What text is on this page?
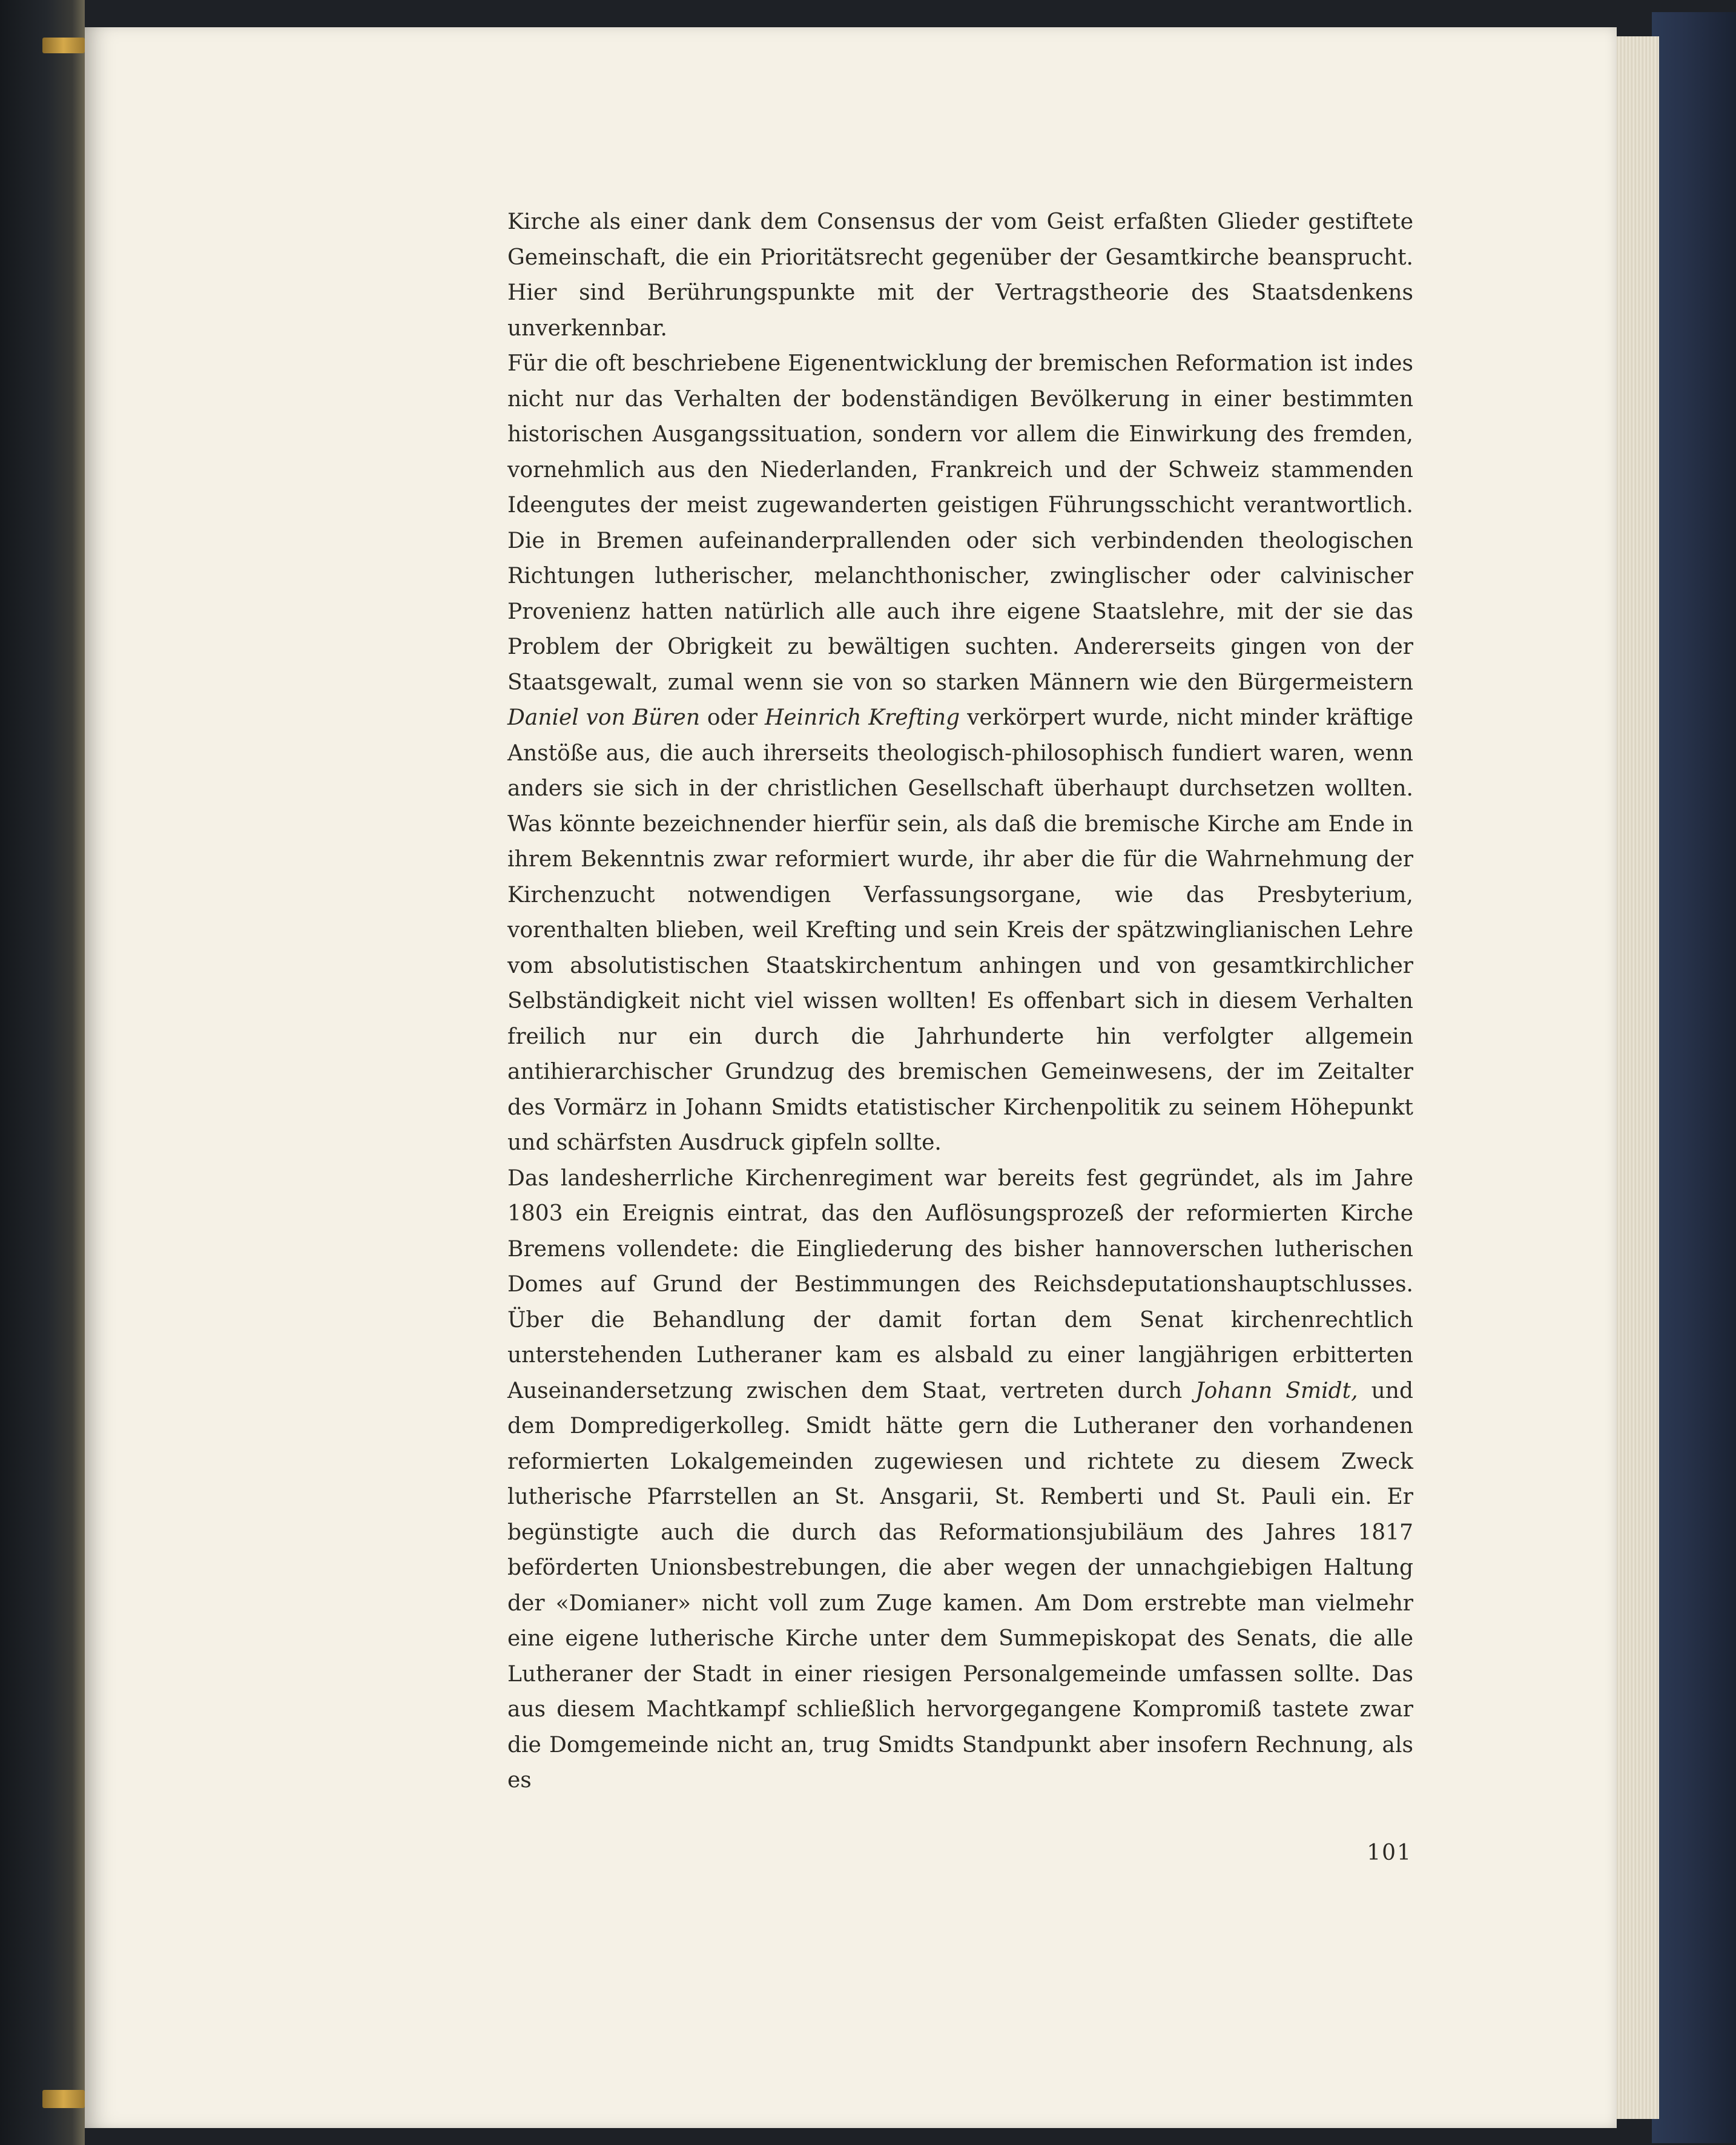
Kirche als einer dank dem Consensus der vom Geist erfaßten Glieder gestiftete Gemeinschaft, die ein Prioritätsrecht gegenüber der Gesamtkirche beansprucht. Hier sind Berührungspunkte mit der Vertragstheorie des Staatsdenkens unverkennbar.

Für die oft beschriebene Eigenentwicklung der bremischen Reformation ist indes nicht nur das Verhalten der bodenständigen Bevölkerung in einer bestimmten historischen Ausgangssituation, sondern vor allem die Einwirkung des fremden, vornehmlich aus den Niederlanden, Frankreich und der Schweiz stammenden Ideengutes der meist zugewanderten geistigen Führungsschicht verantwortlich. Die in Bremen aufeinanderprallenden oder sich verbindenden theologischen Richtungen lutherischer, melanchthonischer, zwinglischer oder calvinischer Provenienz hatten natürlich alle auch ihre eigene Staatslehre, mit der sie das Problem der Obrigkeit zu bewältigen suchten. Andererseits gingen von der Staatsgewalt, zumal wenn sie von so starken Männern wie den Bürgermeistern Daniel von Büren oder Heinrich Krefting verkörpert wurde, nicht minder kräftige Anstöße aus, die auch ihrerseits theologisch-philosophisch fundiert waren, wenn anders sie sich in der christlichen Gesellschaft überhaupt durchsetzen wollten. Was könnte bezeichnender hierfür sein, als daß die bremische Kirche am Ende in ihrem Bekenntnis zwar reformiert wurde, ihr aber die für die Wahrnehmung der Kirchenzucht notwendigen Verfassungsorgane, wie das Presbyterium, vorenthalten blieben, weil Krefting und sein Kreis der spätzwinglianischen Lehre vom absolutistischen Staatskirchentum anhingen und von gesamtkirchlicher Selbständigkeit nicht viel wissen wollten! Es offenbart sich in diesem Verhalten freilich nur ein durch die Jahrhunderte hin verfolgter allgemein antihierarchischer Grundzug des bremischen Gemeinwesens, der im Zeitalter des Vormärz in Johann Smidts etatistischer Kirchenpolitik zu seinem Höhepunkt und schärfsten Ausdruck gipfeln sollte.

Das landesherrliche Kirchenregiment war bereits fest gegründet, als im Jahre 1803 ein Ereignis eintrat, das den Auflösungsprozeß der reformierten Kirche Bremens vollendete: die Eingliederung des bisher hannoverschen lutherischen Domes auf Grund der Bestimmungen des Reichsdeputationshauptschlusses. Über die Behandlung der damit fortan dem Senat kirchenrechtlich unterstehenden Lutheraner kam es alsbald zu einer langjährigen erbitterten Auseinandersetzung zwischen dem Staat, vertreten durch Johann Smidt, und dem Dompredigerkolleg. Smidt hätte gern die Lutheraner den vorhandenen reformierten Lokalgemeinden zugewiesen und richtete zu diesem Zweck lutherische Pfarrstellen an St. Ansgarii, St. Remberti und St. Pauli ein. Er begünstigte auch die durch das Reformationsjubiläum des Jahres 1817 beförderten Unionsbestrebungen, die aber wegen der unnachgiebigen Haltung der «Domianer» nicht voll zum Zuge kamen. Am Dom erstrebte man vielmehr eine eigene lutherische Kirche unter dem Summepiskopat des Senats, die alle Lutheraner der Stadt in einer riesigen Personalgemeinde umfassen sollte. Das aus diesem Machtkampf schließlich hervorgegangene Kompromiß tastete zwar die Domgemeinde nicht an, trug Smidts Standpunkt aber insofern Rechnung, als es

101
